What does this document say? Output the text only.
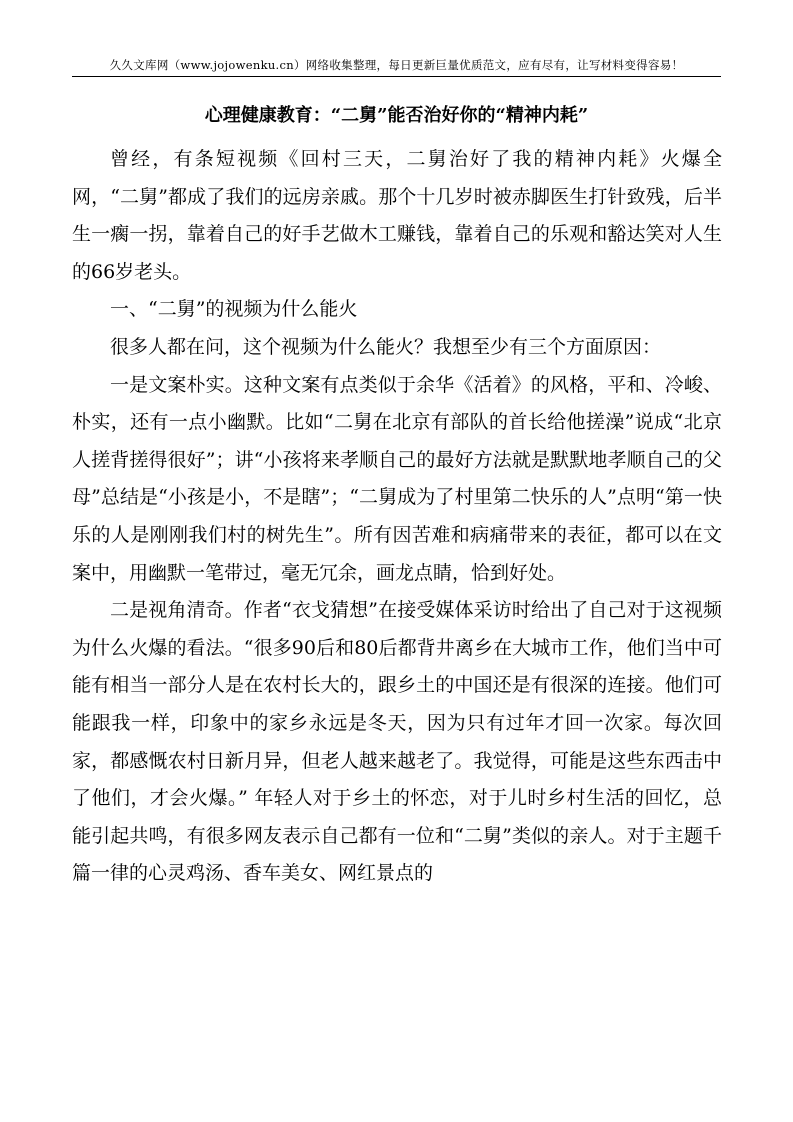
久久文库网（www.jojowenku.cn）网络收集整理，每日更新巨量优质范文，应有尽有，让写材料变得容易！
心理健康教育：“二舅”能否治好你的“精神内耗”

曾经，有条短视频《回村三天，二舅治好了我的精神内耗》火爆全网，“二舅”都成了我们的远房亲戚。那个十几岁时被赤脚医生打针致残，后半生一瘸一拐，靠着自己的好手艺做木工赚钱，靠着自己的乐观和豁达笑对人生的66岁老头。

一、“二舅”的视频为什么能火

很多人都在问，这个视频为什么能火？我想至少有三个方面原因：

一是文案朴实。这种文案有点类似于余华《活着》的风格，平和、冷峻、朴实，还有一点小幽默。比如“二舅在北京有部队的首长给他搓澡”说成“北京人搓背搓得很好”；讲“小孩将来孝顺自己的最好方法就是默默地孝顺自己的父母”总结是“小孩是小，不是瞎”；“二舅成为了村里第二快乐的人”点明“第一快乐的人是刚刚我们村的树先生”。所有因苦难和病痛带来的表征，都可以在文案中，用幽默一笔带过，毫无冗余，画龙点睛，恰到好处。

二是视角清奇。作者“衣戈猜想”在接受媒体采访时给出了自己对于这视频为什么火爆的看法。“很多90后和80后都背井离乡在大城市工作，他们当中可能有相当一部分人是在农村长大的，跟乡土的中国还是有很深的连接。他们可能跟我一样，印象中的家乡永远是冬天，因为只有过年才回一次家。每次回家，都感慨农村日新月异，但老人越来越老了。我觉得，可能是这些东西击中了他们，才会火爆。” 年轻人对于乡土的怀恋，对于儿时乡村生活的回忆，总能引起共鸣，有很多网友表示自己都有一位和“二舅”类似的亲人。对于主题千篇一律的心灵鸡汤、香车美女、网红景点的
